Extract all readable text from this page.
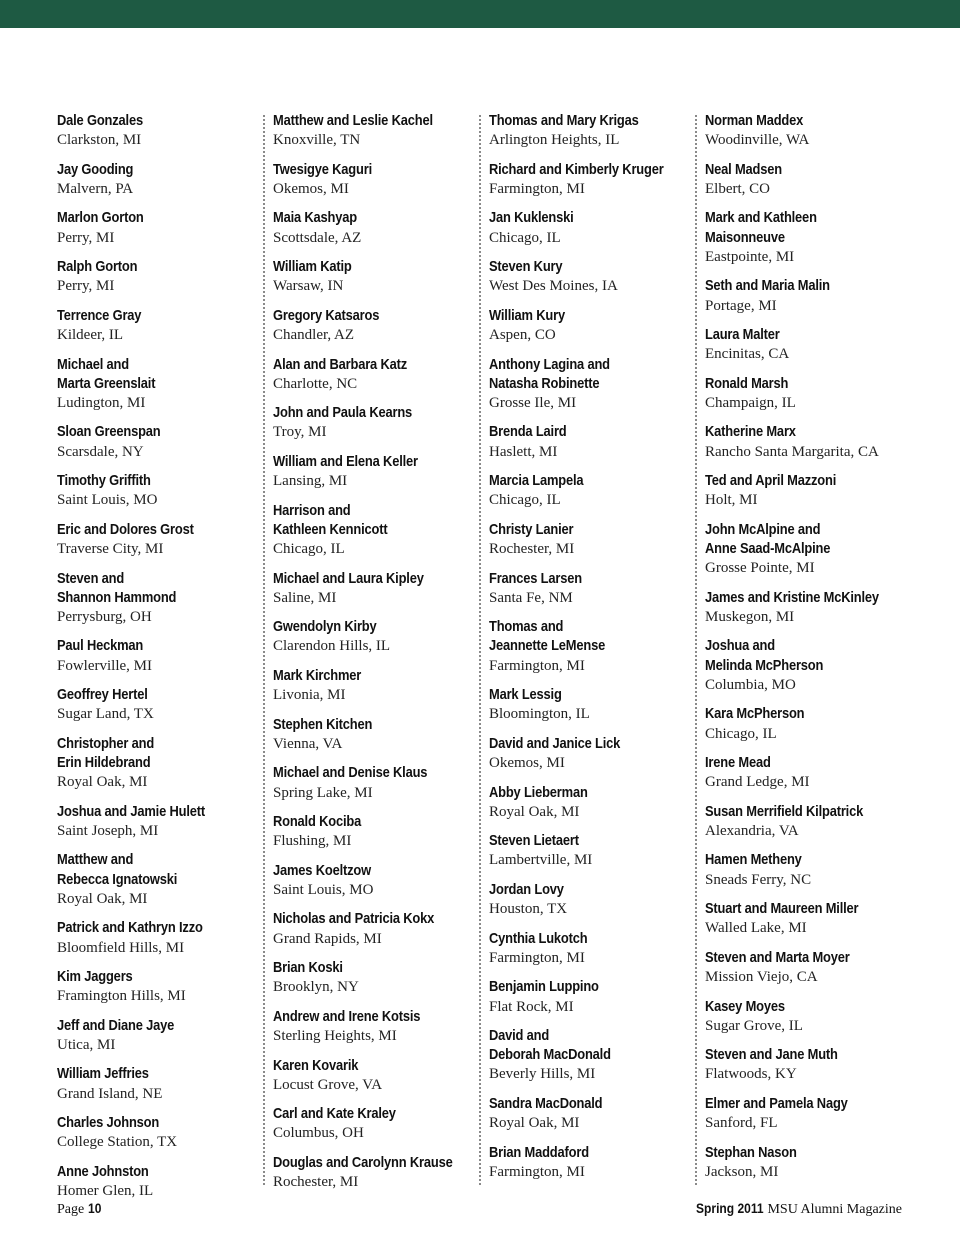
Dale Gonzales
Clarkston, MI
Jay Gooding
Malvern, PA
Marlon Gorton
Perry, MI
Ralph Gorton
Perry, MI
Terrence Gray
Kildeer, IL
Michael and
Marta Greenslait
Ludington, MI
Sloan Greenspan
Scarsdale, NY
Timothy Griffith
Saint Louis, MO
Eric and Dolores Grost
Traverse City, MI
Steven and
Shannon Hammond
Perrysburg, OH
Paul Heckman
Fowlerville, MI
Geoffrey Hertel
Sugar Land, TX
Christopher and
Erin Hildebrand
Royal Oak, MI
Joshua and Jamie Hulett
Saint Joseph, MI
Matthew and
Rebecca Ignatowski
Royal Oak, MI
Patrick and Kathryn Izzo
Bloomfield Hills, MI
Kim Jaggers
Framington Hills, MI
Jeff and Diane Jaye
Utica, MI
William Jeffries
Grand Island, NE
Charles Johnson
College Station, TX
Anne Johnston
Homer Glen, IL
Matthew and Leslie Kachel
Knoxville, TN
Twesigye Kaguri
Okemos, MI
Maia Kashyap
Scottsdale, AZ
William Katip
Warsaw, IN
Gregory Katsaros
Chandler, AZ
Alan and Barbara Katz
Charlotte, NC
John and Paula Kearns
Troy, MI
William and Elena Keller
Lansing, MI
Harrison and
Kathleen Kennicott
Chicago, IL
Michael and Laura Kipley
Saline, MI
Gwendolyn Kirby
Clarendon Hills, IL
Mark Kirchmer
Livonia, MI
Stephen Kitchen
Vienna, VA
Michael and Denise Klaus
Spring Lake, MI
Ronald Kociba
Flushing, MI
James Koeltzow
Saint Louis, MO
Nicholas and Patricia Kokx
Grand Rapids, MI
Brian Koski
Brooklyn, NY
Andrew and Irene Kotsis
Sterling Heights, MI
Karen Kovarik
Locust Grove, VA
Carl and Kate Kraley
Columbus, OH
Douglas and Carolynn Krause
Rochester, MI
Thomas and Mary Krigas
Arlington Heights, IL
Richard and Kimberly Kruger
Farmington, MI
Jan Kuklenski
Chicago, IL
Steven Kury
West Des Moines, IA
William Kury
Aspen, CO
Anthony Lagina and
Natasha Robinette
Grosse Ile, MI
Brenda Laird
Haslett, MI
Marcia Lampela
Chicago, IL
Christy Lanier
Rochester, MI
Frances Larsen
Santa Fe, NM
Thomas and
Jeannette LeMense
Farmington, MI
Mark Lessig
Bloomington, IL
David and Janice Lick
Okemos, MI
Abby Lieberman
Royal Oak, MI
Steven Lietaert
Lambertville, MI
Jordan Lovy
Houston, TX
Cynthia Lukotch
Farmington, MI
Benjamin Luppino
Flat Rock, MI
David and
Deborah MacDonald
Beverly Hills, MI
Sandra MacDonald
Royal Oak, MI
Brian Maddaford
Farmington, MI
Norman Maddex
Woodinville, WA
Neal Madsen
Elbert, CO
Mark and Kathleen
Maisonneuve
Eastpointe, MI
Seth and Maria Malin
Portage, MI
Laura Malter
Encinitas, CA
Ronald Marsh
Champaign, IL
Katherine Marx
Rancho Santa Margarita, CA
Ted and April Mazzoni
Holt, MI
John McAlpine and
Anne Saad-McAlpine
Grosse Pointe, MI
James and Kristine McKinley
Muskegon, MI
Joshua and
Melinda McPherson
Columbia, MO
Kara McPherson
Chicago, IL
Irene Mead
Grand Ledge, MI
Susan Merrifield Kilpatrick
Alexandria, VA
Hamen Metheny
Sneads Ferry, NC
Stuart and Maureen Miller
Walled Lake, MI
Steven and Marta Moyer
Mission Viejo, CA
Kasey Moyes
Sugar Grove, IL
Steven and Jane Muth
Flatwoods, KY
Elmer and Pamela Nagy
Sanford, FL
Stephan Nason
Jackson, MI
Page 10	Spring 2011 MSU Alumni Magazine
